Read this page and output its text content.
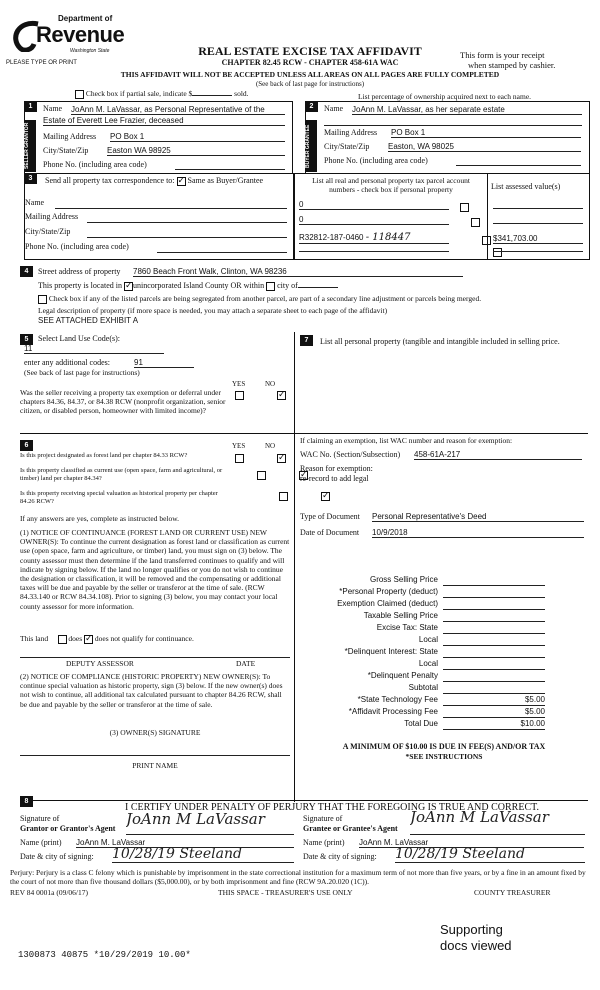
Department of
Revenue
Washington State
PLEASE TYPE OR PRINT
REAL ESTATE EXCISE TAX AFFIDAVIT
CHAPTER 82.45 RCW - CHAPTER 458-61A WAC
This form is your receipt
when stamped by cashier.
THIS AFFIDAVIT WILL NOT BE ACCEPTED UNLESS ALL AREAS ON ALL PAGES ARE FULLY COMPLETED
(See back of last page for instructions)
Check box if partial sale, indicate $	sold.	List percentage of ownership acquired next to each name.
1
SELLER GRANTOR
Name JoAnn M. LaVassar, as Personal Representative of the
Estate of Everett Lee Frazier, deceased
Mailing Address PO Box 1
City/State/Zip Easton WA 98925
Phone No. (including area code)
2
BUYER GRANTEE
Name JoAnn M. LaVassar, as her separate estate
Mailing Address PO Box 1
City/State/Zip Easton, WA 98025
Phone No. (including area code)
3	Send all property tax correspondence to: ✓ Same as Buyer/Grantee
Name
Mailing Address
City/State/Zip
Phone No. (including area code)
List all real and personal property tax parcel account
numbers - check box if personal property	List assessed value(s)
0

0

R32812-187-0460 - 118447
	$341,703.00
4	Street address of property 7860 Beach Front Walk, Clinton, WA 98236
This property is located in ✓ unincorporated Island County OR within city of
Check box if any of the listed parcels are being segregated from another parcel, are part of a secondary line adjustment or parcels being merged.
Legal description of property (if more space is needed, you may attach a separate sheet to each page of the affidavit)
SEE ATTACHED EXHIBIT A
5	Select Land Use Code(s):
11
enter any additional codes:	91
(See back of last page for instructions)
YES	NO
Was the seller receiving a property tax exemption or deferral under chapters 84.36, 84.37, or 84.38 RCW (nonprofit organization, senior citizen, or disabled person, homeowner with limited income)?
✓
7	List all personal property (tangible and intangible included in selling price.
6	YES	NO
Is this project designated as forest land per chapter 84.33 RCW?
✓
Is this property classified as current use (open space, farm and agricultural, or timber) land per chapter 84.34?
✓
Is this property receiving special valuation as historical property per chapter 84.26 RCW?
✓
If any answers are yes, complete as instructed below.
(1) NOTICE OF CONTINUANCE (FOREST LAND OR CURRENT USE) NEW OWNER(S): To continue the current designation as forest land or classification as current use (open space, farm and agriculture, or timber) land, you must sign on (3) below. The county assessor must then determine if the land transferred continues to qualify and will indicate by signing below. If the land no longer qualifies or you do not wish to continue the designation or classification, it will be removed and the compensating or additional taxes will be due and payable by the seller or transferor at the time of sale. (RCW 84.33.140 or RCW 84.34.108). Prior to signing (3) below, you may contact your local county assessor for more information.
This land	does ✓ does not qualify for continuance.
DEPUTY ASSESSOR	DATE
(2) NOTICE OF COMPLIANCE (HISTORIC PROPERTY) NEW OWNER(S): To continue special valuation as historic property, sign (3) below. If the new owner(s) does not wish to continue, all additional tax calculated pursuant to chapter 84.26 RCW, shall be due and payable by the seller or transferor at the time of sale.
(3) OWNER(S) SIGNATURE
PRINT NAME
If claiming an exemption, list WAC number and reason for exemption:
WAC No. (Section/Subsection) 458-61A-217
Reason for exemption:
re-record to add legal
Type of Document Personal Representative's Deed
Date of Document 10/9/2018
Gross Selling Price
*Personal Property (deduct)
Exemption Claimed (deduct)
Taxable Selling Price
Excise Tax: State
Local
*Delinquent Interest: State
Local
*Delinquent Penalty
Subtotal
*State Technology Fee	$5.00
*Affidavit Processing Fee	$5.00
Total Due	$10.00
A MINIMUM OF $10.00 IS DUE IN FEE(S) AND/OR TAX
*SEE INSTRUCTIONS
8
I CERTIFY UNDER PENALTY OF PERJURY THAT THE FOREGOING IS TRUE AND CORRECT.
Signature of
Grantor or Grantor's Agent
JoAnn M LaVassar
Name (print) JoAnn M. LaVassar
Date & city of signing: 10/28/19 Steeland
Signature of
Grantee or Grantee's Agent
JoAnn M LaVassar
Name (print) JoAnn M. LaVassar
Date & city of signing: 10/28/19 Steeland
Perjury: Perjury is a class C felony which is punishable by imprisonment in the state correctional institution for a maximum term of not more than five years, or by a fine in an amount fixed by the court of not more than five thousand dollars ($5,000.00), or by both imprisonment and fine (RCW 9A.20.020 (1C)).
REV 84 0001a (09/06/17)	THIS SPACE - TREASURER'S USE ONLY	COUNTY TREASURER
Supporting
docs viewed
1300873 40875 *10/29/2019 10.00*
